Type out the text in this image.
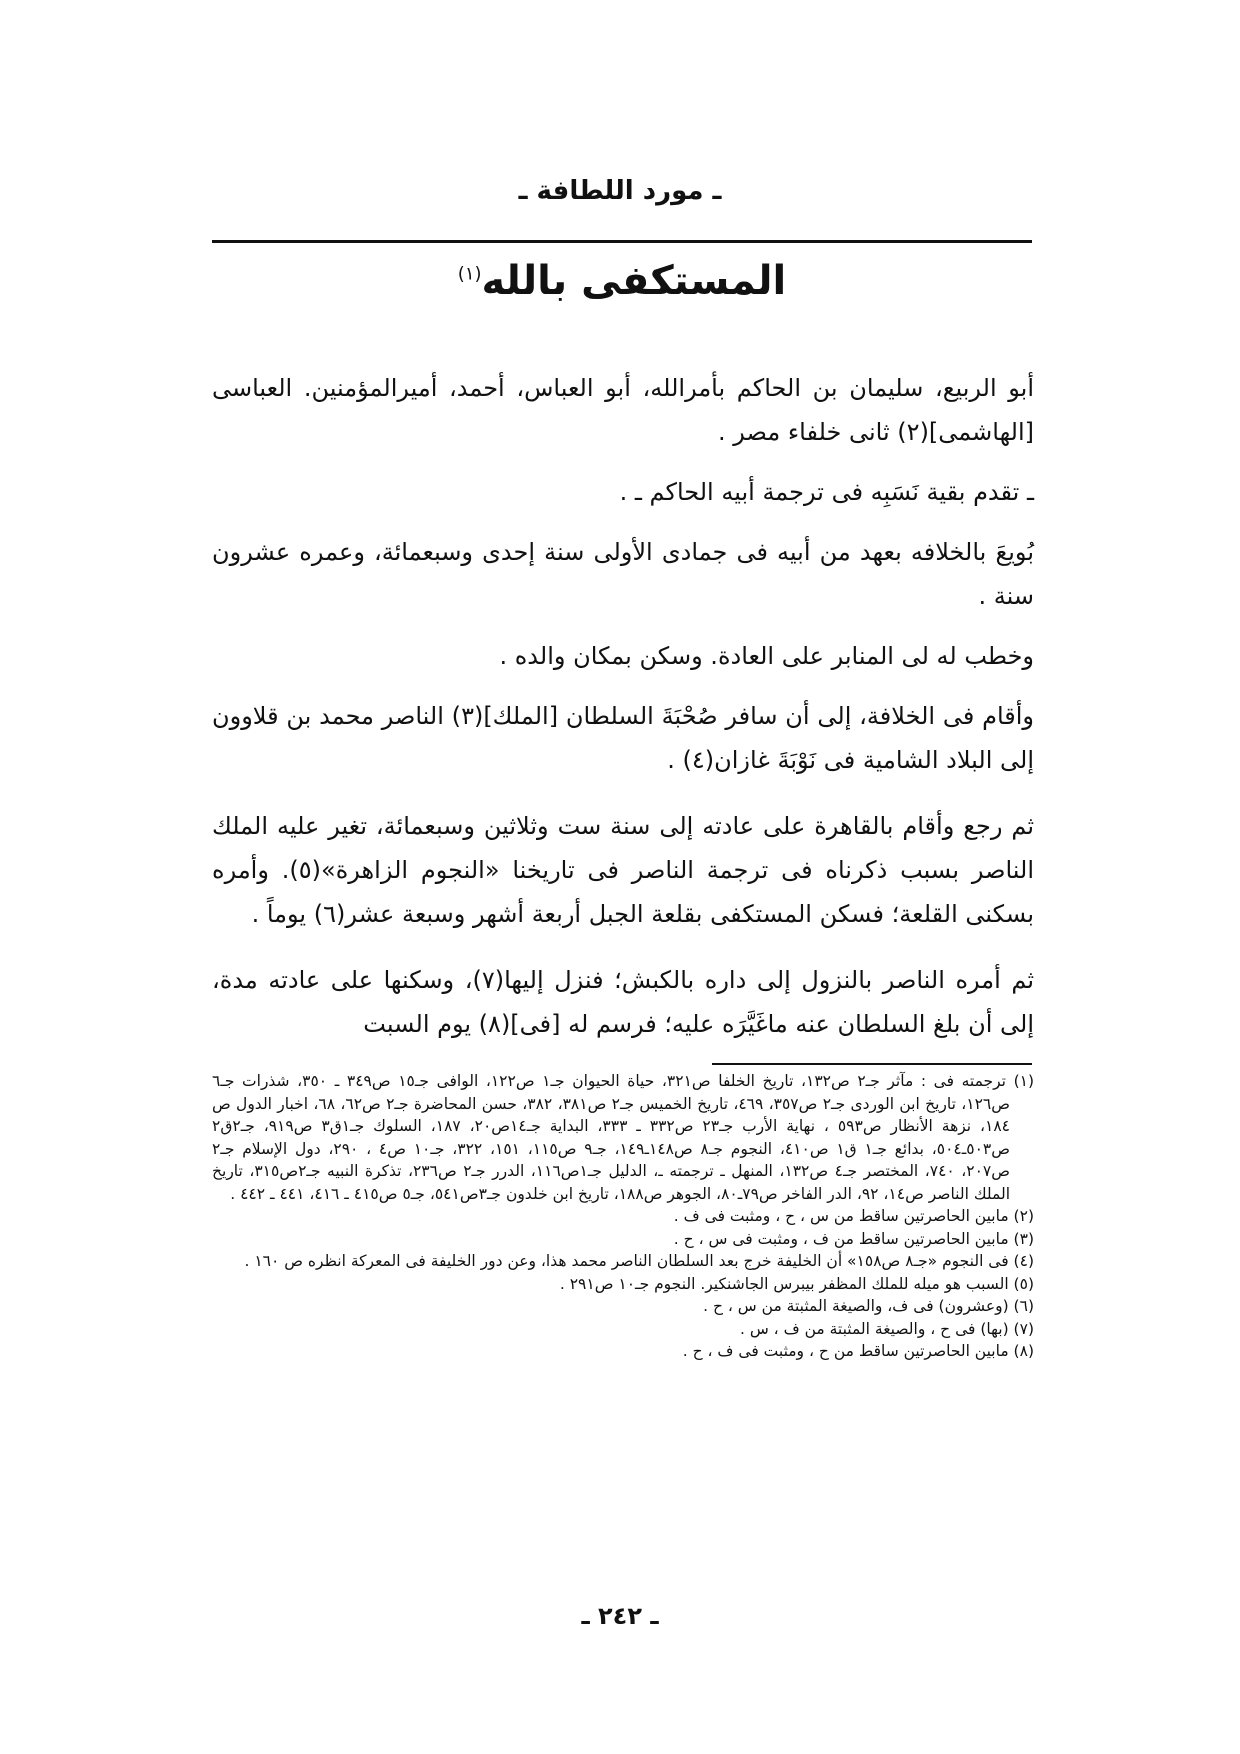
ـ مورد اللطافة ـ
المستكفى بالله$^{(١)}$

أبو الربيع، سليمان بن الحاكم بأمرالله، أبو العباس، أحمد، أميرالمؤمنين. العباسى [الهاشمى](٢) ثانى خلفاء مصر .

ـ تقدم بقية نَسَبِه فى ترجمة أبيه الحاكم ـ .

بُويعَ بالخلافه بعهد من أبيه فى جمادى الأولى سنة إحدى وسبعمائة، وعمره عشرون سنة .

وخطب له لى المنابر على العادة. وسكن بمكان والده .

وأقام فى الخلافة، إلى أن سافر صُحْبَةَ السلطان [الملك](٣) الناصر محمد بن قلاوون إلى البلاد الشامية فى نَوْبَةَ غازان(٤) .

ثم رجع وأقام بالقاهرة على عادته إلى سنة ست وثلاثين وسبعمائة، تغير عليه الملك الناصر بسبب ذكرناه فى ترجمة الناصر فى تاريخنا «النجوم الزاهرة»(٥). وأمره بسكنى القلعة؛ فسكن المستكفى بقلعة الجبل أربعة أشهر وسبعة عشر(٦) يوماً .

ثم أمره الناصر بالنزول إلى داره بالكبش؛ فنزل إليها(٧)، وسكنها على عادته مدة، إلى أن بلغ السلطان عنه ماغَيَّرَه عليه؛ فرسم له [فى](٨) يوم السبت

(١) ترجمته فى : مآثر جـ٢ ص١٣٢، تاريخ الخلفا ص٣٢١، حياة الحيوان جـ١ ص١٢٢، الوافى جـ١٥ ص٣٤٩ ـ ٣٥٠، شذرات جـ٦ ص١٢٦، تاريخ ابن الوردى جـ٢ ص٣٥٧، ٤٦٩، تاريخ الخميس جـ٢ ص٣٨١، ٣٨٢، حسن المحاضرة جـ٢ ص٦٢، ٦٨، اخبار الدول ص ١٨٤، نزهة الأنظار ص٥٩٣ ، نهاية الأرب جـ٢٣ ص٣٣٢ ـ ٣٣٣، البداية جـ١٤ص٢٠، ١٨٧، السلوك جـ١ق٣ ص٩١٩، جـ٢ق٢ ص٥٠٣ـ٥٠٤، بدائع جـ١ ق١ ص٤١٠، النجوم جـ٨ ص١٤٨ـ١٤٩، جـ٩ ص١١٥، ١٥١، ٣٢٢، جـ١٠ ص٤ ، ٢٩٠، دول الإسلام جـ٢ ص٢٠٧، ٧٤٠، المختصر جـ٤ ص١٣٢، المنهل ـ ترجمته ـ، الدليل جـ١ص١١٦، الدرر جـ٢ ص٢٣٦، تذكرة النبيه جـ٢ص٣١٥، تاريخ الملك الناصر ص١٤، ٩٢، الدر الفاخر ص٧٩ـ٨٠، الجوهر ص١٨٨، تاريخ ابن خلدون جـ٣ص٥٤١، جـ٥ ص٤١٥ ـ ٤١٦، ٤٤١ ـ ٤٤٢ .

(٢) مابين الحاصرتين ساقط من س ، ح ، ومثبت فى ف .

(٣) مابين الحاصرتين ساقط من ف ، ومثبت فى س ، ح .

(٤) فى النجوم «جـ٨ ص١٥٨» أن الخليفة خرج بعد السلطان الناصر محمد هذا، وعن دور الخليفة فى المعركة انظره ص ١٦٠ .

(٥) السبب هو ميله للملك المظفر بيبرس الجاشنكير. النجوم جـ١٠ ص٢٩١ .

(٦) (وعشرون) فى ف، والصيغة المثبتة من س ، ح .

(٧) (بها) فى ح ، والصيغة المثبتة من ف ، س .

(٨) مابين الحاصرتين ساقط من ح ، ومثبت فى ف ، ح .

ـ ٢٤٢ ـ
